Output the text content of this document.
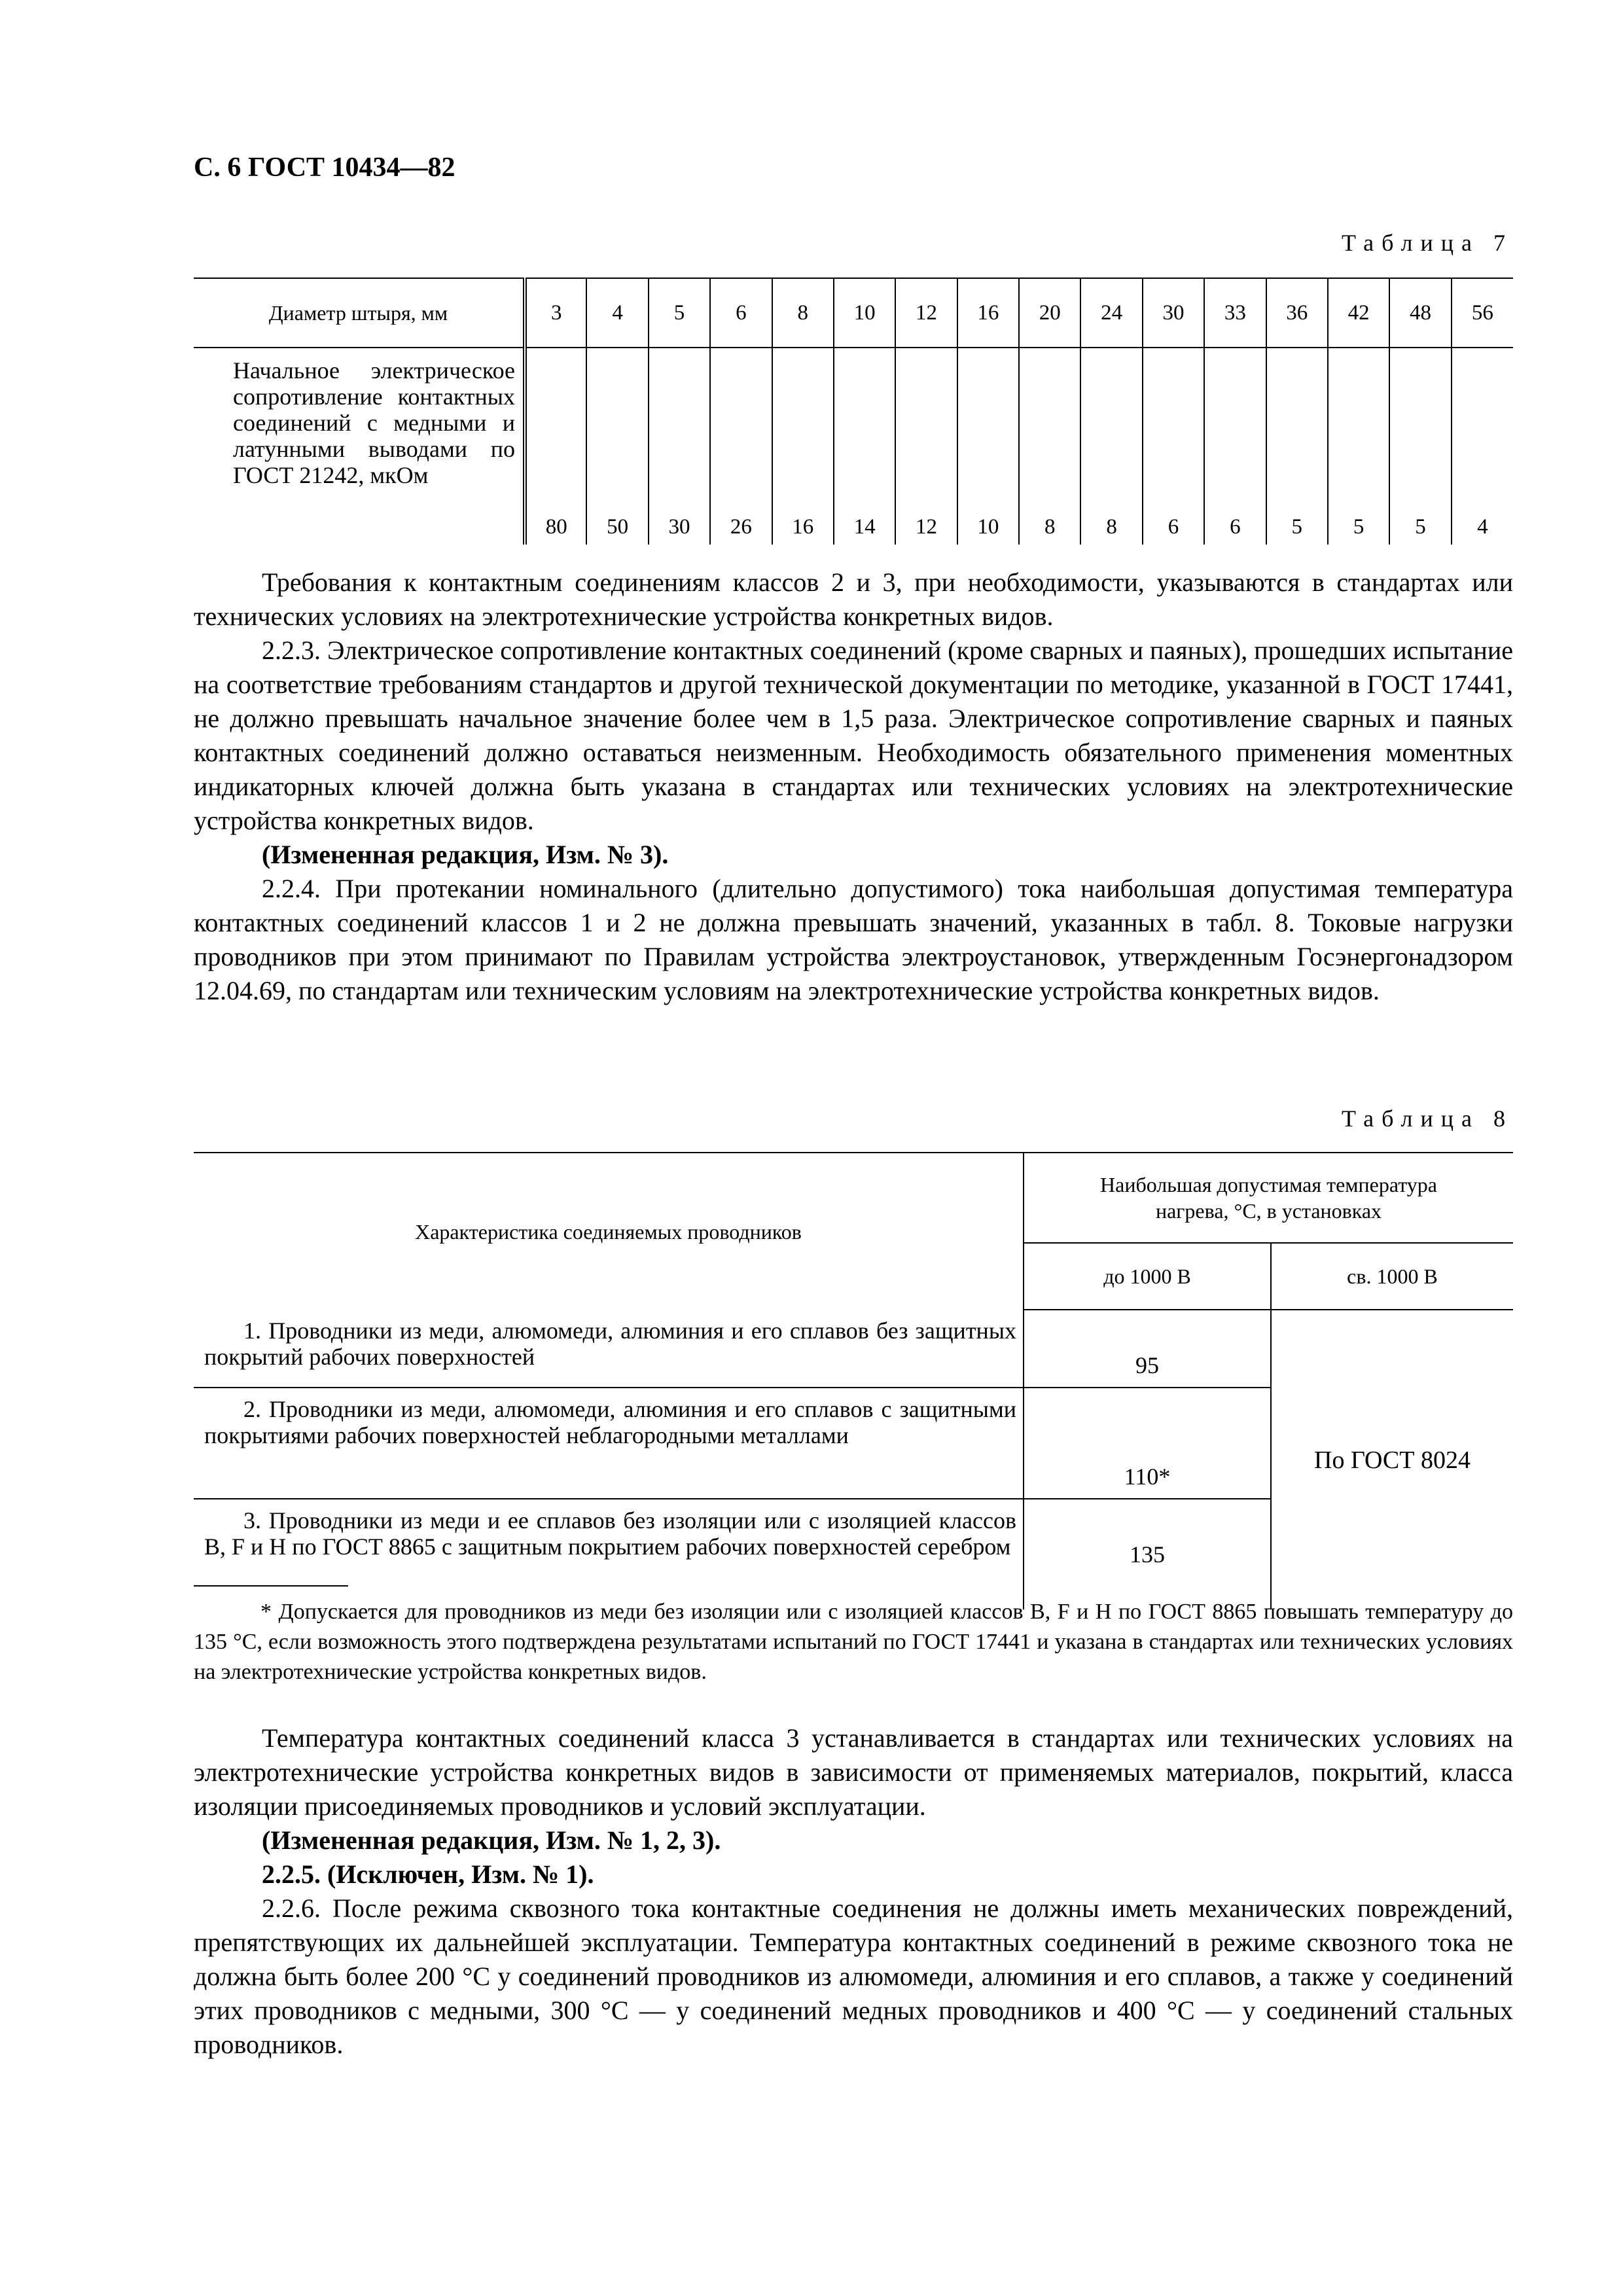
С. 6 ГОСТ 10434—82
Таблица 7
Диаметр штыря, мм	3	4	5	6	8	10	12	16	20	24	30	33	36	42	48	56
Начальное электрическое сопротивление контактных соединений с медными и латунными выводами по ГОСТ 21242, мкОм	80	50	30	26	16	14	12	10	8	8	6	6	5	5	5	4

Требования к контактным соединениям классов 2 и 3, при необходимости, указываются в стандартах или технических условиях на электротехнические устройства конкретных видов.

2.2.3. Электрическое сопротивление контактных соединений (кроме сварных и паяных), прошедших испытание на соответствие требованиям стандартов и другой технической документации по методике, указанной в ГОСТ 17441, не должно превышать начальное значение более чем в 1,5 раза. Электрическое сопротивление сварных и паяных контактных соединений должно оставаться неизменным. Необходимость обязательного применения моментных индикаторных ключей должна быть указана в стандартах или технических условиях на электротехнические устройства конкретных видов.

(Измененная редакция, Изм. № 3).

2.2.4. При протекании номинального (длительно допустимого) тока наибольшая допустимая температура контактных соединений классов 1 и 2 не должна превышать значений, указанных в табл. 8. Токовые нагрузки проводников при этом принимают по Правилам устройства электроустановок, утвержденным Госэнергонадзором 12.04.69, по стандартам или техническим условиям на электротехнические устройства конкретных видов.

Таблица 8
Характеристика соединяемых проводников	Наибольшая допустимая температура нагрева, °С, в установках	
	до 1000 В	св. 1000 В

1. Проводники из меди, алюмомеди, алюминия и его сплавов без защитных покрытий рабочих поверхностей	95	По ГОСТ 8024

2. Проводники из меди, алюмомеди, алюминия и его сплавов с защитными покрытиями рабочих поверхностей неблагородными металлами	110*	

3. Проводники из меди и ее сплавов без изоляции или с изоляцией классов B, F и H по ГОСТ 8865 с защитным покрытием рабочих поверхностей серебром	135	

* Допускается для проводников из меди без изоляции или с изоляцией классов B, F и H по ГОСТ 8865 повышать температуру до 135 °С, если возможность этого подтверждена результатами испытаний по ГОСТ 17441 и указана в стандартах или технических условиях на электротехнические устройства конкретных видов.

Температура контактных соединений класса 3 устанавливается в стандартах или технических условиях на электротехнические устройства конкретных видов в зависимости от применяемых материалов, покрытий, класса изоляции присоединяемых проводников и условий эксплуатации.

(Измененная редакция, Изм. № 1, 2, 3).

2.2.5. (Исключен, Изм. № 1).

2.2.6. После режима сквозного тока контактные соединения не должны иметь механических повреждений, препятствующих их дальнейшей эксплуатации. Температура контактных соединений в режиме сквозного тока не должна быть более 200 °С у соединений проводников из алюмомеди, алюминия и его сплавов, а также у соединений этих проводников с медными, 300 °С — у соединений медных проводников и 400 °С — у соединений стальных проводников.
